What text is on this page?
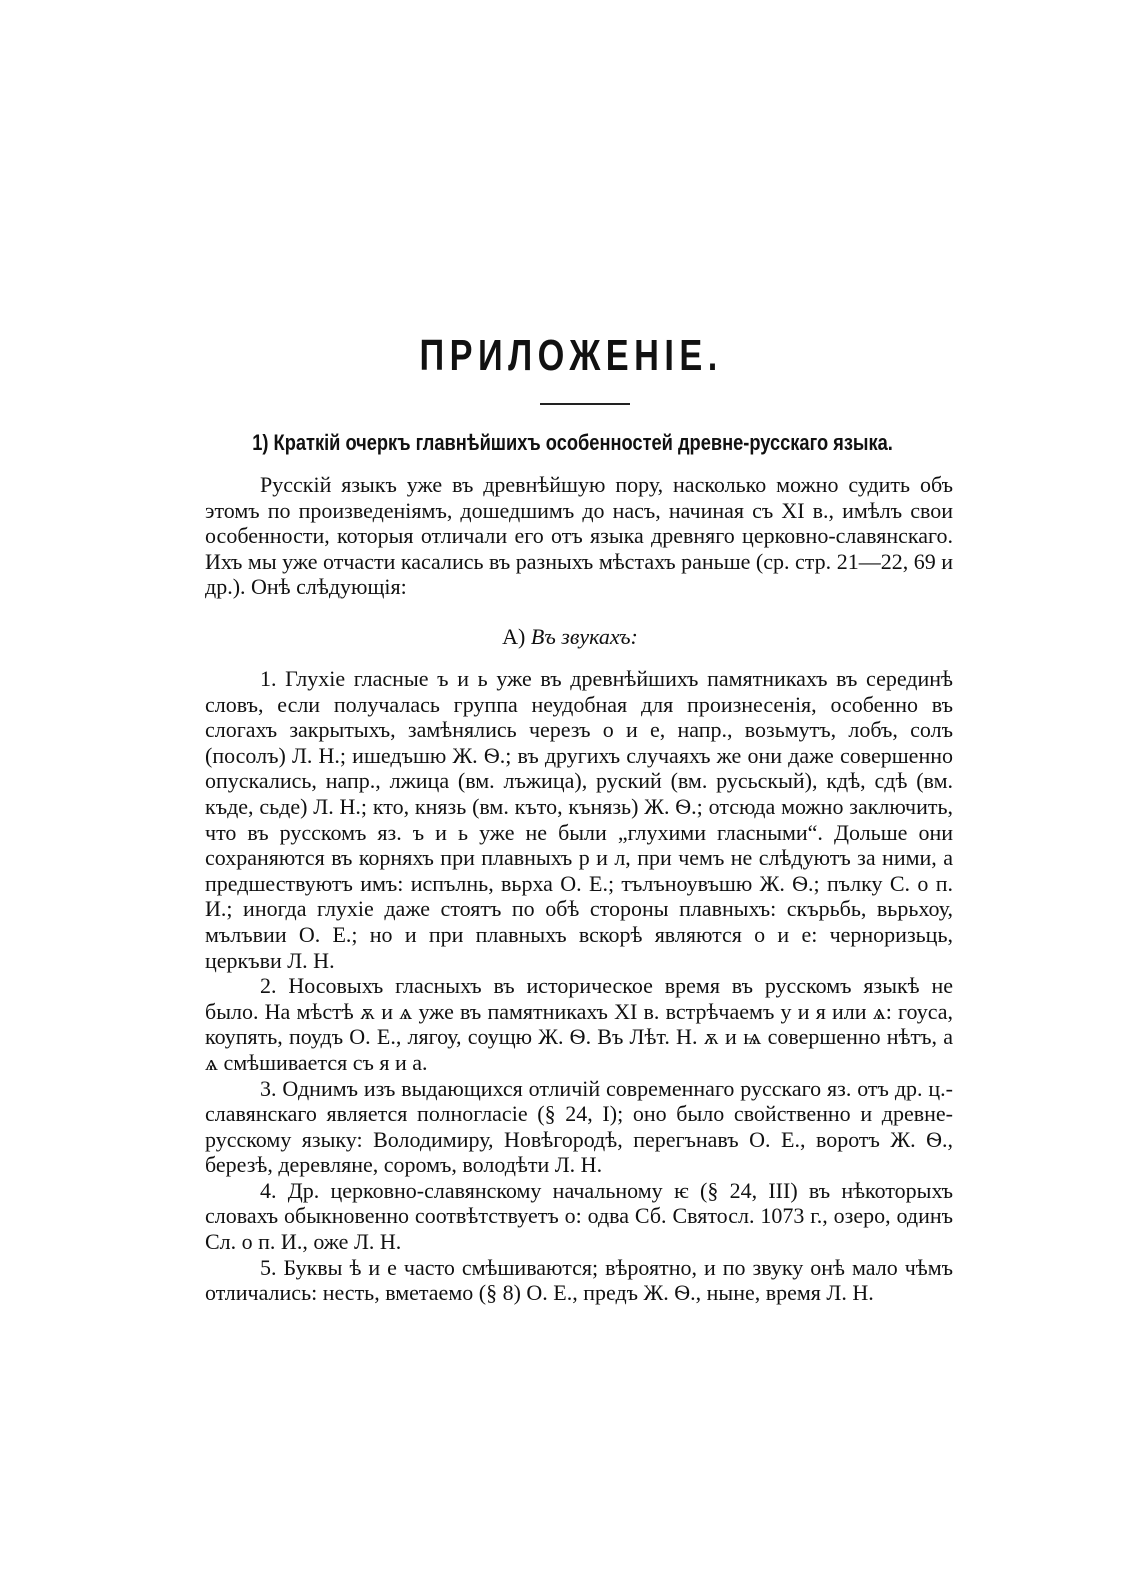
ПРИЛОЖЕНІЕ.
1) Краткій очеркъ главнѣйшихъ особенностей древне-русскаго языка.

Русскій языкъ уже въ древнѣйшую пору, насколько можно судить объ этомъ по произведеніямъ, дошедшимъ до насъ, начиная съ XI в., имѣлъ свои особенности, которыя отличали его отъ языка древняго церковно-славянскаго. Ихъ мы уже отчасти касались въ разныхъ мѣстахъ раньше (ср. стр. 21—22, 69 и др.). Онѣ слѣдующія:

А) Въ звукахъ:

1. Глухіе гласные ъ и ь уже въ древнѣйшихъ памятникахъ въ серединѣ словъ, если получалась группа неудобная для произнесенія, особенно въ слогахъ закрытыхъ, замѣнялись черезъ о и е, напр., возьмутъ, лобъ, солъ (посолъ) Л. Н.; ишедъшю Ж. Ѳ.; въ другихъ случаяхъ же они даже совершенно опускались, напр., лжица (вм. лъжица), руский (вм. русьскый), кдѣ, сдѣ (вм. къде, сьде) Л. Н.; кто, князь (вм. къто, кънязь) Ж. Ѳ.; отсюда можно заключить, что въ русскомъ яз. ъ и ь уже не были „глухими гласными“. Дольше они сохраняются въ корняхъ при плавныхъ р и л, при чемъ не слѣдуютъ за ними, а предшествуютъ имъ: испълнь, вьрха О. Е.; тълъноувъшю Ж. Ѳ.; пълку С. о п. И.; иногда глухіе даже стоятъ по обѣ стороны плавныхъ: скърьбь, вьрьхоу, мълъвии О. Е.; но и при плавныхъ вскорѣ являются о и е: черноризьць, церкъви Л. Н.

2. Носовыхъ гласныхъ въ историческое время въ русскомъ языкѣ не было. На мѣстѣ ѫ и ѧ уже въ памятникахъ XI в. встрѣчаемъ у и я или ѧ: гоуса, коупять, поудъ О. Е., лягоу, соущю Ж. Ѳ. Въ Лѣт. Н. ѫ и ѩ совершенно нѣтъ, а ѧ смѣшивается съ я и а.

3. Однимъ изъ выдающихся отличій современнаго русскаго яз. отъ др. ц.-славянскаго является полногласіе (§ 24, I); оно было свойственно и древне-русскому языку: Володимиру, Новѣгородѣ, перегънавъ О. Е., воротъ Ж. Ѳ., березѣ, деревляне, соромъ, володѣти Л. Н.

4. Др. церковно-славянскому начальному ѥ (§ 24, III) въ нѣкоторыхъ словахъ обыкновенно соотвѣтствуетъ о: одва Сб. Святосл. 1073 г., озеро, одинъ Сл. о п. И., оже Л. Н.

5. Буквы ѣ и е часто смѣшиваются; вѣроятно, и по звуку онѣ мало чѣмъ отличались: несть, вметаемо (§ 8) О. Е., предъ Ж. Ѳ., ныне, время Л. Н.
